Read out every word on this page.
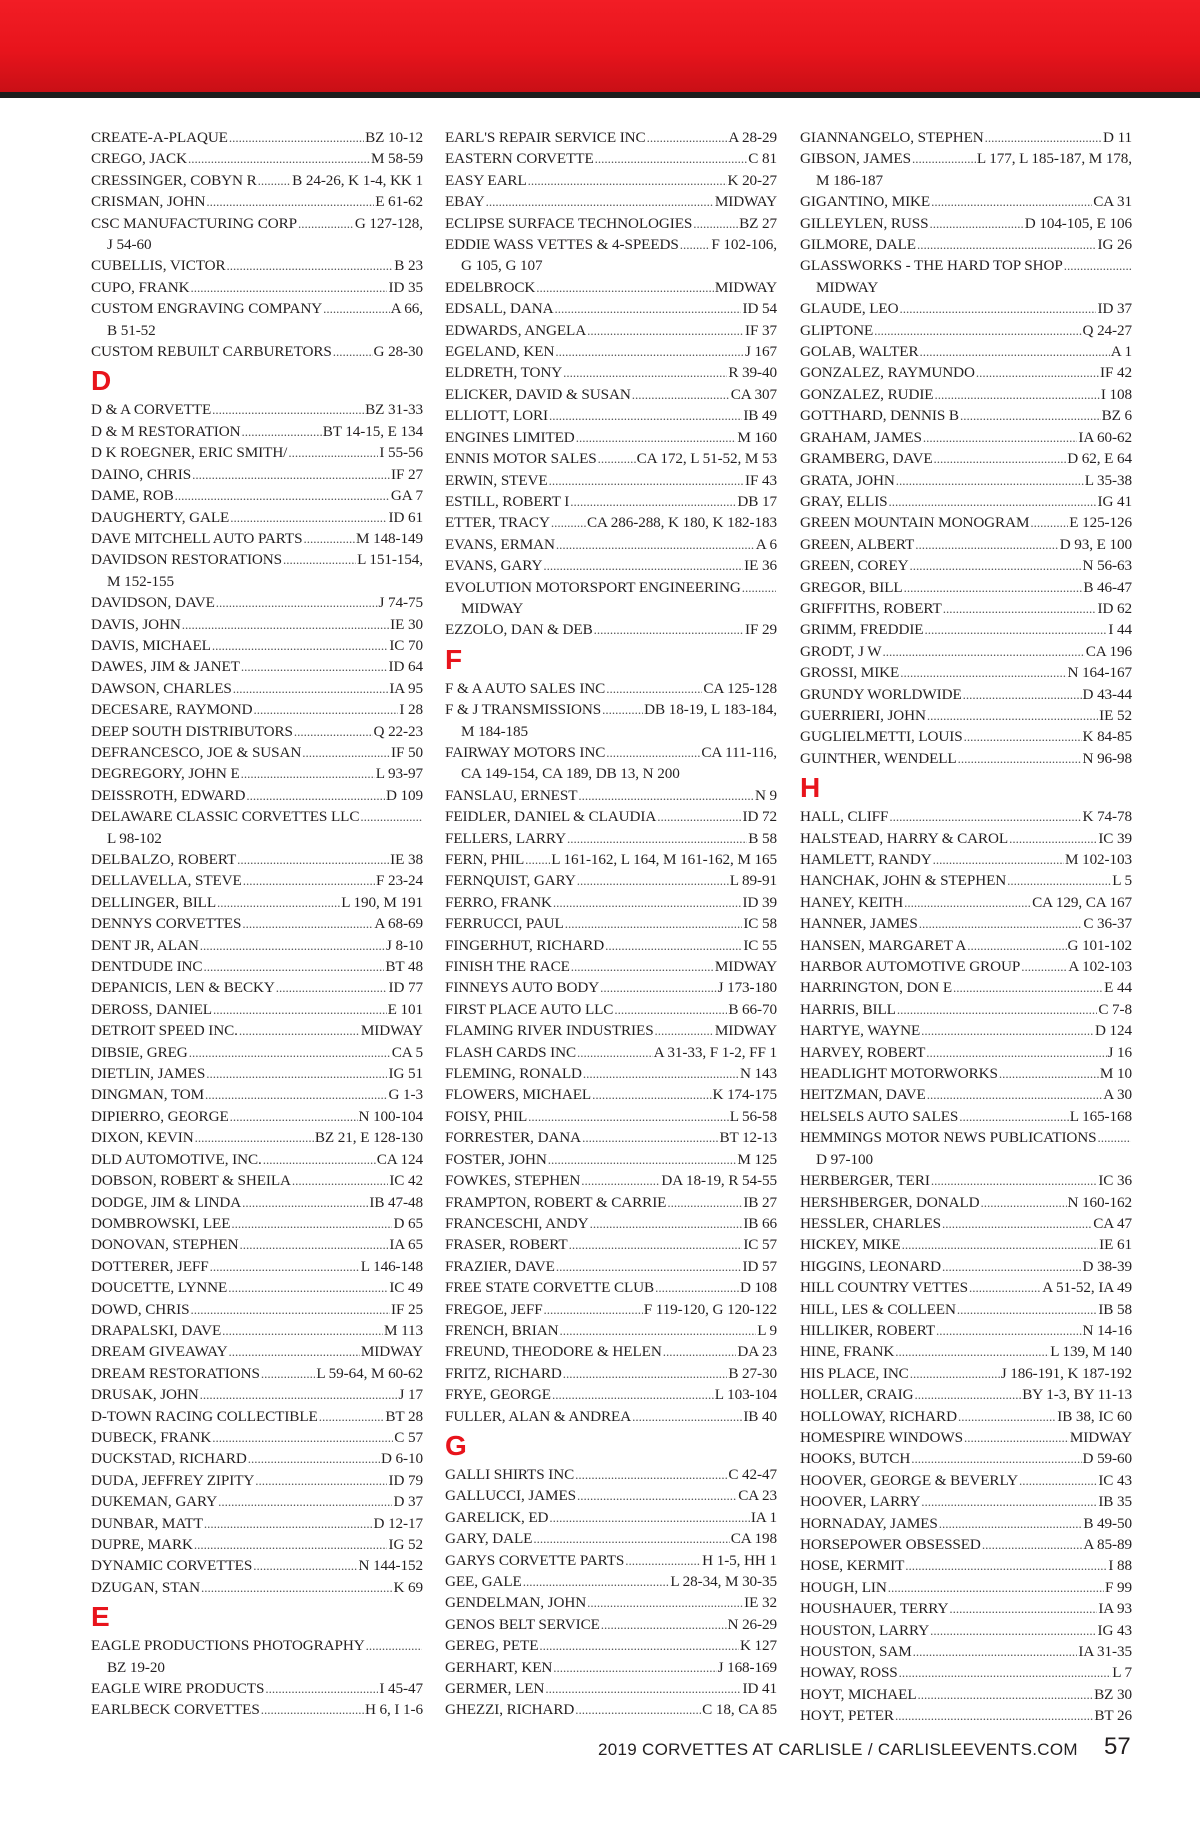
CREATE-A-PLAQUE .....	BZ 10-12
CREGO, JACK .....	M 58-59
CRESSINGER, COBYN R ..... B 24-26, K 1-4, KK 1
CRISMAN, JOHN .....	E 61-62
CSC MANUFACTURING CORP .....	G 127-128,
J 54-60
CUBELLIS, VICTOR .....	B 23
CUPO, FRANK .....	ID 35
CUSTOM ENGRAVING COMPANY .....	A 66,
B 51-52
CUSTOM REBUILT CARBURETORS .....	G 28-30
D
D & A CORVETTE .....	BZ 31-33
D & M RESTORATION .....	BT 14-15, E 134
D K ROEGNER, ERIC SMITH/ .....	I 55-56
DAINO, CHRIS .....	IF 27
DAME, ROB .....	GA 7
DAUGHERTY, GALE .....	ID 61
DAVE MITCHELL AUTO PARTS .....	M 148-149
DAVIDSON RESTORATIONS .....	L 151-154,
M 152-155
DAVIDSON, DAVE .....	J 74-75
DAVIS, JOHN .....	IE 30
DAVIS, MICHAEL .....	IC 70
DAWES, JIM & JANET .....	ID 64
DAWSON, CHARLES .....	IA 95
DECESARE, RAYMOND .....	I 28
DEEP SOUTH DISTRIBUTORS .....	Q 22-23
DEFRANCESCO, JOE & SUSAN .....	IF 50
DEGREGORY, JOHN E .....	L 93-97
DEISSROTH, EDWARD .....	D 109
DELAWARE CLASSIC CORVETTES LLC
.....
L 98-102
DELBALZO, ROBERT .....	IE 38
DELLAVELLA, STEVE .....	F 23-24
DELLINGER, BILL .....	L 190, M 191
DENNYS CORVETTES .....	A 68-69
DENT JR, ALAN .....	J 8-10
DENTDUDE INC .....	BT 48
DEPANICIS, LEN & BECKY .....	ID 77
DEROSS, DANIEL .....	E 101
DETROIT SPEED INC. .....	MIDWAY
DIBSIE, GREG .....	CA 5
DIETLIN, JAMES .....	IG 51
DINGMAN, TOM .....	G 1-3
DIPIERRO, GEORGE .....	N 100-104
DIXON, KEVIN .....	BZ 21, E 128-130
DLD AUTOMOTIVE, INC. .....	CA 124
DOBSON, ROBERT & SHEILA .....	IC 42
DODGE, JIM & LINDA .....	IB 47-48
DOMBROWSKI, LEE .....	D 65
DONOVAN, STEPHEN .....	IA 65
DOTTERER, JEFF .....	L 146-148
DOUCETTE, LYNNE .....	IC 49
DOWD, CHRIS .....	IF 25
DRAPALSKI, DAVE .....	M 113
DREAM GIVEAWAY .....	MIDWAY
DREAM RESTORATIONS .....	L 59-64, M 60-62
DRUSAK, JOHN .....	J 17
D-TOWN RACING COLLECTIBLE .....	BT 28
DUBECK, FRANK .....	C 57
DUCKSTAD, RICHARD .....	D 6-10
DUDA, JEFFREY ZIPITY .....	ID 79
DUKEMAN, GARY .....	D 37
DUNBAR, MATT .....	D 12-17
DUPRE, MARK .....	IG 52
DYNAMIC CORVETTES .....	N 144-152
DZUGAN, STAN .....	K 69
E
EAGLE PRODUCTIONS PHOTOGRAPHY
.....
BZ 19-20
EAGLE WIRE PRODUCTS .....	I 45-47
EARLBECK CORVETTES .....	H 6, I 1-6
EARL'S REPAIR SERVICE INC .....	A 28-29
EASTERN CORVETTE .....	C 81
EASY EARL .....	K 20-27
EBAY .....	MIDWAY
ECLIPSE SURFACE TECHNOLOGIES .....	BZ 27
EDDIE WASS VETTES & 4-SPEEDS ..... F 102-106,
G 105, G 107
EDELBROCK .....	MIDWAY
EDSALL, DANA .....	ID 54
EDWARDS, ANGELA .....	IF 37
EGELAND, KEN .....	J 167
ELDRETH, TONY .....	R 39-40
ELICKER, DAVID & SUSAN .....	CA 307
ELLIOTT, LORI .....	IB 49
ENGINES LIMITED .....	M 160
ENNIS MOTOR SALES .....	CA 172, L 51-52, M 53
ERWIN, STEVE .....	IF 43
ESTILL, ROBERT I .....	DB 17
ETTER, TRACY ..... CA 286-288, K 180, K 182-183
EVANS, ERMAN .....	A 6
EVANS, GARY .....	IE 36
EVOLUTION MOTORSPORT ENGINEERING
.....
MIDWAY
EZZOLO, DAN & DEB .....	IF 29
F
F & A AUTO SALES INC .....	CA 125-128
F & J TRANSMISSIONS .....	DB 18-19, L 183-184,
M 184-185
FAIRWAY MOTORS INC .....	CA 111-116,
CA 149-154, CA 189, DB 13, N 200
FANSLAU, ERNEST .....	N 9
FEIDLER, DANIEL & CLAUDIA .....	ID 72
FELLERS, LARRY .....	B 58
FERN, PHIL ..... L 161-162, L 164, M 161-162, M 165
FERNQUIST, GARY .....	L 89-91
FERRO, FRANK .....	ID 39
FERRUCCI, PAUL .....	IC 58
FINGERHUT, RICHARD .....	IC 55
FINISH THE RACE .....	MIDWAY
FINNEYS AUTO BODY .....	J 173-180
FIRST PLACE AUTO LLC .....	B 66-70
FLAMING RIVER INDUSTRIES .....	MIDWAY
FLASH CARDS INC .....	A 31-33, F 1-2, FF 1
FLEMING, RONALD .....	N 143
FLOWERS, MICHAEL .....	K 174-175
FOISY, PHIL .....	L 56-58
FORRESTER, DANA .....	BT 12-13
FOSTER, JOHN .....	M 125
FOWKES, STEPHEN .....	DA 18-19, R 54-55
FRAMPTON, ROBERT & CARRIE .....	IB 27
FRANCESCHI, ANDY .....	IB 66
FRASER, ROBERT .....	IC 57
FRAZIER, DAVE .....	ID 57
FREE STATE CORVETTE CLUB .....	D 108
FREGOE, JEFF .....	F 119-120, G 120-122
FRENCH, BRIAN .....	L 9
FREUND, THEODORE & HELEN .....	DA 23
FRITZ, RICHARD .....	B 27-30
FRYE, GEORGE .....	L 103-104
FULLER, ALAN & ANDREA .....	IB 40
G
GALLI SHIRTS INC .....	C 42-47
GALLUCCI, JAMES .....	CA 23
GARELICK, ED .....	IA 1
GARY, DALE .....	CA 198
GARYS CORVETTE PARTS .....	H 1-5, HH 1
GEE, GALE .....	L 28-34, M 30-35
GENDELMAN, JOHN .....	IE 32
GENOS BELT SERVICE .....	N 26-29
GEREG, PETE .....	K 127
GERHART, KEN .....	J 168-169
GERMER, LEN .....	ID 41
GHEZZI, RICHARD .....	C 18, CA 85
GIANNANGELO, STEPHEN .....	D 11
GIBSON, JAMES .....	L 177, L 185-187, M 178,
M 186-187
GIGANTINO, MIKE .....	CA 31
GILLEYLEN, RUSS .....	D 104-105, E 106
GILMORE, DALE .....	IG 26
GLASSWORKS - THE HARD TOP SHOP
.....
MIDWAY
GLAUDE, LEO .....	ID 37
GLIPTONE .....	Q 24-27
GOLAB, WALTER .....	A 1
GONZALEZ, RAYMUNDO .....	IF 42
GONZALEZ, RUDIE .....	I 108
GOTTHARD, DENNIS B .....	BZ 6
GRAHAM, JAMES .....	IA 60-62
GRAMBERG, DAVE .....	D 62, E 64
GRATA, JOHN .....	L 35-38
GRAY, ELLIS .....	IG 41
GREEN MOUNTAIN MONOGRAM .....	E 125-126
GREEN, ALBERT .....	D 93, E 100
GREEN, COREY .....	N 56-63
GREGOR, BILL .....	B 46-47
GRIFFITHS, ROBERT .....	ID 62
GRIMM, FREDDIE .....	I 44
GRODT, J W .....	CA 196
GROSSI, MIKE .....	N 164-167
GRUNDY WORLDWIDE .....	D 43-44
GUERRIERI, JOHN .....	IE 52
GUGLIELMETTI, LOUIS .....	K 84-85
GUINTHER, WENDELL .....	N 96-98
H
HALL, CLIFF .....	K 74-78
HALSTEAD, HARRY & CAROL .....	IC 39
HAMLETT, RANDY .....	M 102-103
HANCHAK, JOHN & STEPHEN .....	L 5
HANEY, KEITH .....	CA 129, CA 167
HANNER, JAMES .....	C 36-37
HANSEN, MARGARET A .....	G 101-102
HARBOR AUTOMOTIVE GROUP .....	A 102-103
HARRINGTON, DON E .....	E 44
HARRIS, BILL .....	C 7-8
HARTYE, WAYNE .....	D 124
HARVEY, ROBERT .....	J 16
HEADLIGHT MOTORWORKS .....	M 10
HEITZMAN, DAVE .....	A 30
HELSELS AUTO SALES .....	L 165-168
HEMMINGS MOTOR NEWS PUBLICATIONS
.....
D 97-100
HERBERGER, TERI .....	IC 36
HERSHBERGER, DONALD .....	N 160-162
HESSLER, CHARLES .....	CA 47
HICKEY, MIKE .....	IE 61
HIGGINS, LEONARD .....	D 38-39
HILL COUNTRY VETTES .....	A 51-52, IA 49
HILL, LES & COLLEEN .....	IB 58
HILLIKER, ROBERT .....	N 14-16
HINE, FRANK .....	L 139, M 140
HIS PLACE, INC .....	J 186-191, K 187-192
HOLLER, CRAIG .....	BY 1-3, BY 11-13
HOLLOWAY, RICHARD .....	IB 38, IC 60
HOMESPIRE WINDOWS .....	MIDWAY
HOOKS, BUTCH .....	D 59-60
HOOVER, GEORGE & BEVERLY .....	IC 43
HOOVER, LARRY .....	IB 35
HORNADAY, JAMES .....	B 49-50
HORSEPOWER OBSESSED .....	A 85-89
HOSE, KERMIT .....	I 88
HOUGH, LIN .....	F 99
HOUSHAUER, TERRY .....	IA 93
HOUSTON, LARRY .....	IG 43
HOUSTON, SAM .....	IA 31-35
HOWAY, ROSS .....	L 7
HOYT, MICHAEL .....	BZ 30
HOYT, PETER .....	BT 26
2019 CORVETTES AT CARLISLE / CARLISLEEVENTS.COM 57
